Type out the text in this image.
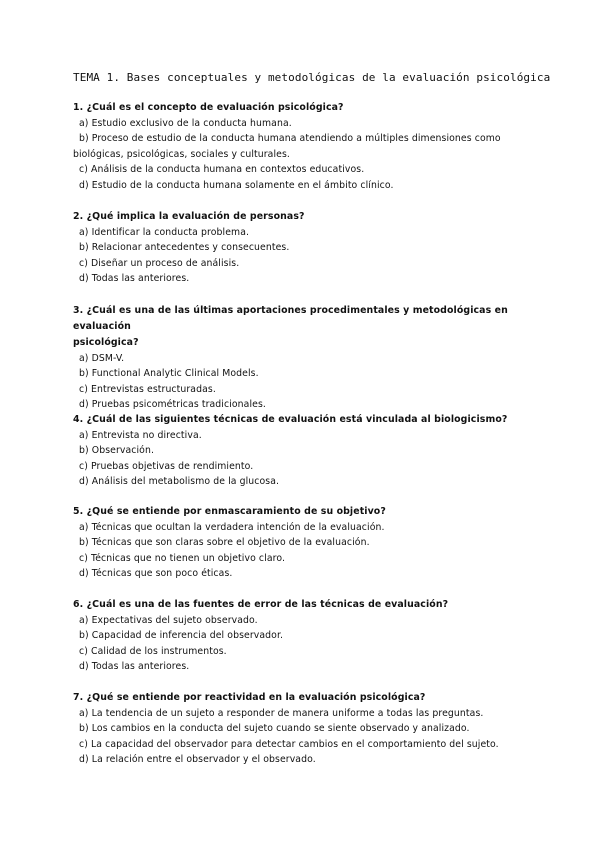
TEMA 1. Bases conceptuales y metodológicas de la evaluación psicológica
1. ¿Cuál es el concepto de evaluación psicológica?
a) Estudio exclusivo de la conducta humana.
b) Proceso de estudio de la conducta humana atendiendo a múltiples dimensiones como
biológicas, psicológicas, sociales y culturales.
c) Análisis de la conducta humana en contextos educativos.
d) Estudio de la conducta humana solamente en el ámbito clínico.
2. ¿Qué implica la evaluación de personas?
a) Identificar la conducta problema.
b) Relacionar antecedentes y consecuentes.
c) Diseñar un proceso de análisis.
d) Todas las anteriores.
3. ¿Cuál es una de las últimas aportaciones procedimentales y metodológicas en evaluación
psicológica?
a) DSM-V.
b) Functional Analytic Clinical Models.
c) Entrevistas estructuradas.
d) Pruebas psicométricas tradicionales.
4. ¿Cuál de las siguientes técnicas de evaluación está vinculada al biologicismo?
a) Entrevista no directiva.
b) Observación.
c) Pruebas objetivas de rendimiento.
d) Análisis del metabolismo de la glucosa.
5. ¿Qué se entiende por enmascaramiento de su objetivo?
a) Técnicas que ocultan la verdadera intención de la evaluación.
b) Técnicas que son claras sobre el objetivo de la evaluación.
c) Técnicas que no tienen un objetivo claro.
d) Técnicas que son poco éticas.
6. ¿Cuál es una de las fuentes de error de las técnicas de evaluación?
a) Expectativas del sujeto observado.
b) Capacidad de inferencia del observador.
c) Calidad de los instrumentos.
d) Todas las anteriores.
7. ¿Qué se entiende por reactividad en la evaluación psicológica?
a) La tendencia de un sujeto a responder de manera uniforme a todas las preguntas.
b) Los cambios en la conducta del sujeto cuando se siente observado y analizado.
c) La capacidad del observador para detectar cambios en el comportamiento del sujeto.
d) La relación entre el observador y el observado.
